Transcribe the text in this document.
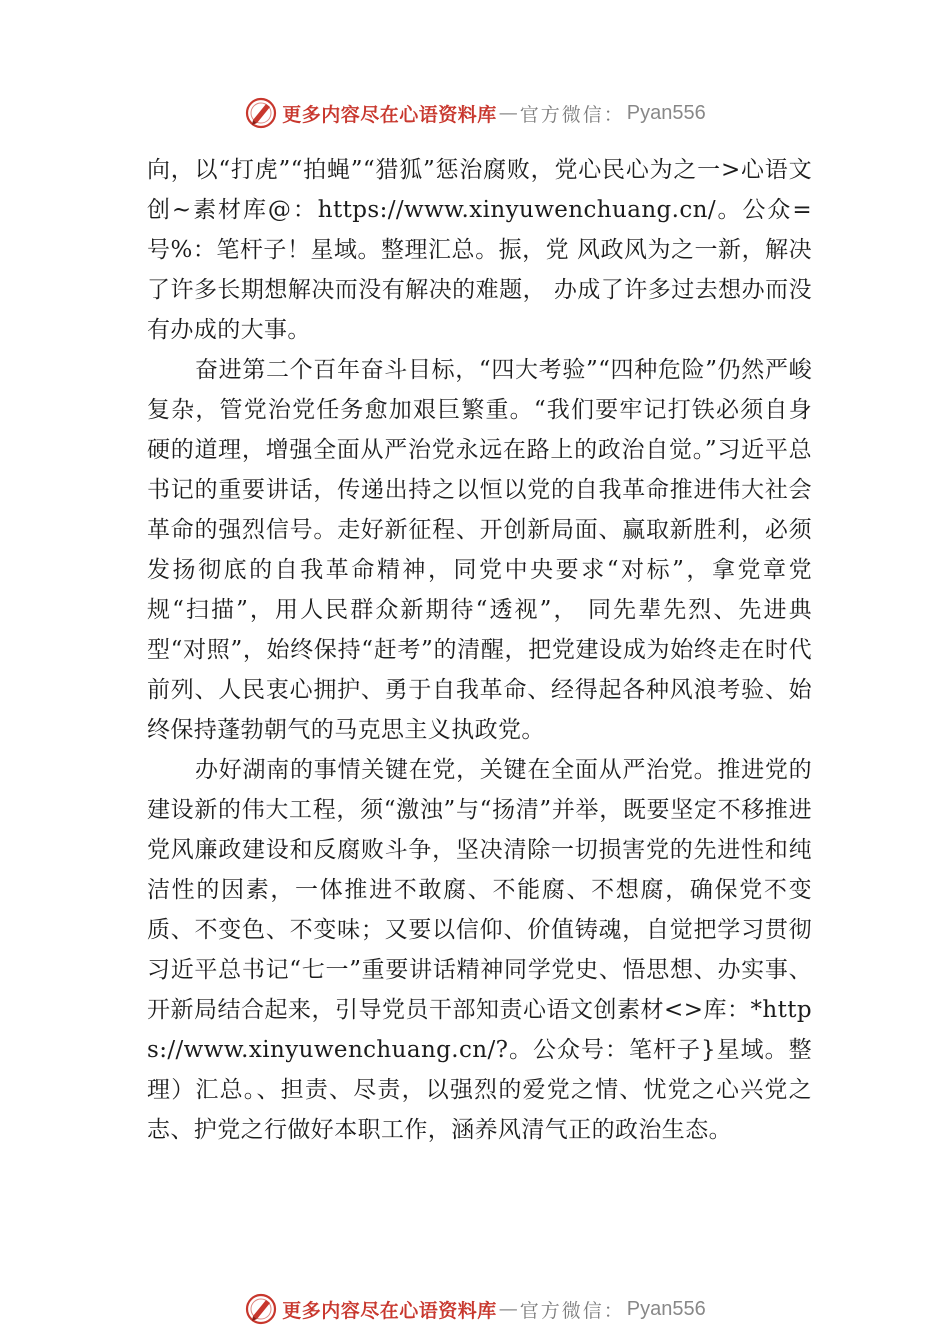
更多内容尽在心语资料库 — 官方微信： Pyan556

向，以“打虎”“拍蝇”“猎狐”惩治腐败，党心民心为之一>心语文创~素材库@：https://www.xinyuwenchuang.cn/。公众=号%：笔杆子！星域。整理汇总。振，党 风政风为之一新，解决了许多长期想解决而没有解决的难题， 办成了许多过去想办而没有办成的大事。

奋进第二个百年奋斗目标，“四大考验”“四种危险”仍然严峻复杂，管党治党任务愈加艰巨繁重。“我们要牢记打铁必须自身硬的道理，增强全面从严治党永远在路上的政治自觉。”习近平总书记的重要讲话，传递出持之以恒以党的自我革命推进伟大社会革命的强烈信号。走好新征程、开创新局面、赢取新胜利，必须发扬彻底的自我革命精神，同党中央要求“对标”，拿党章党规“扫描”，用人民群众新期待“透视”， 同先辈先烈、先进典型“对照”，始终保持“赶考”的清醒，把党建设成为始终走在时代前列、人民衷心拥护、勇于自我革命、经得起各种风浪考验、始终保持蓬勃朝气的马克思主义执政党。

办好湖南的事情关键在党，关键在全面从严治党。推进党的建设新的伟大工程，须“激浊”与“扬清”并举，既要坚定不移推进党风廉政建设和反腐败斗争，坚决清除一切损害党的先进性和纯洁性的因素，一体推进不敢腐、不能腐、不想腐，确保党不变质、不变色、不变味；又要以信仰、价值铸魂，自觉把学习贯彻习近平总书记“七一”重要讲话精神同学党史、悟思想、办实事、开新局结合起来，引导党员干部知责心语文创素材<>库：*https://www.xinyuwenchuang.cn/?。公众号：笔杆子}星域。整理）汇总。、担责、尽责，以强烈的爱党之情、忧党之心兴党之志、护党之行做好本职工作，涵养风清气正的政治生态。

更多内容尽在心语资料库 — 官方微信： Pyan556
